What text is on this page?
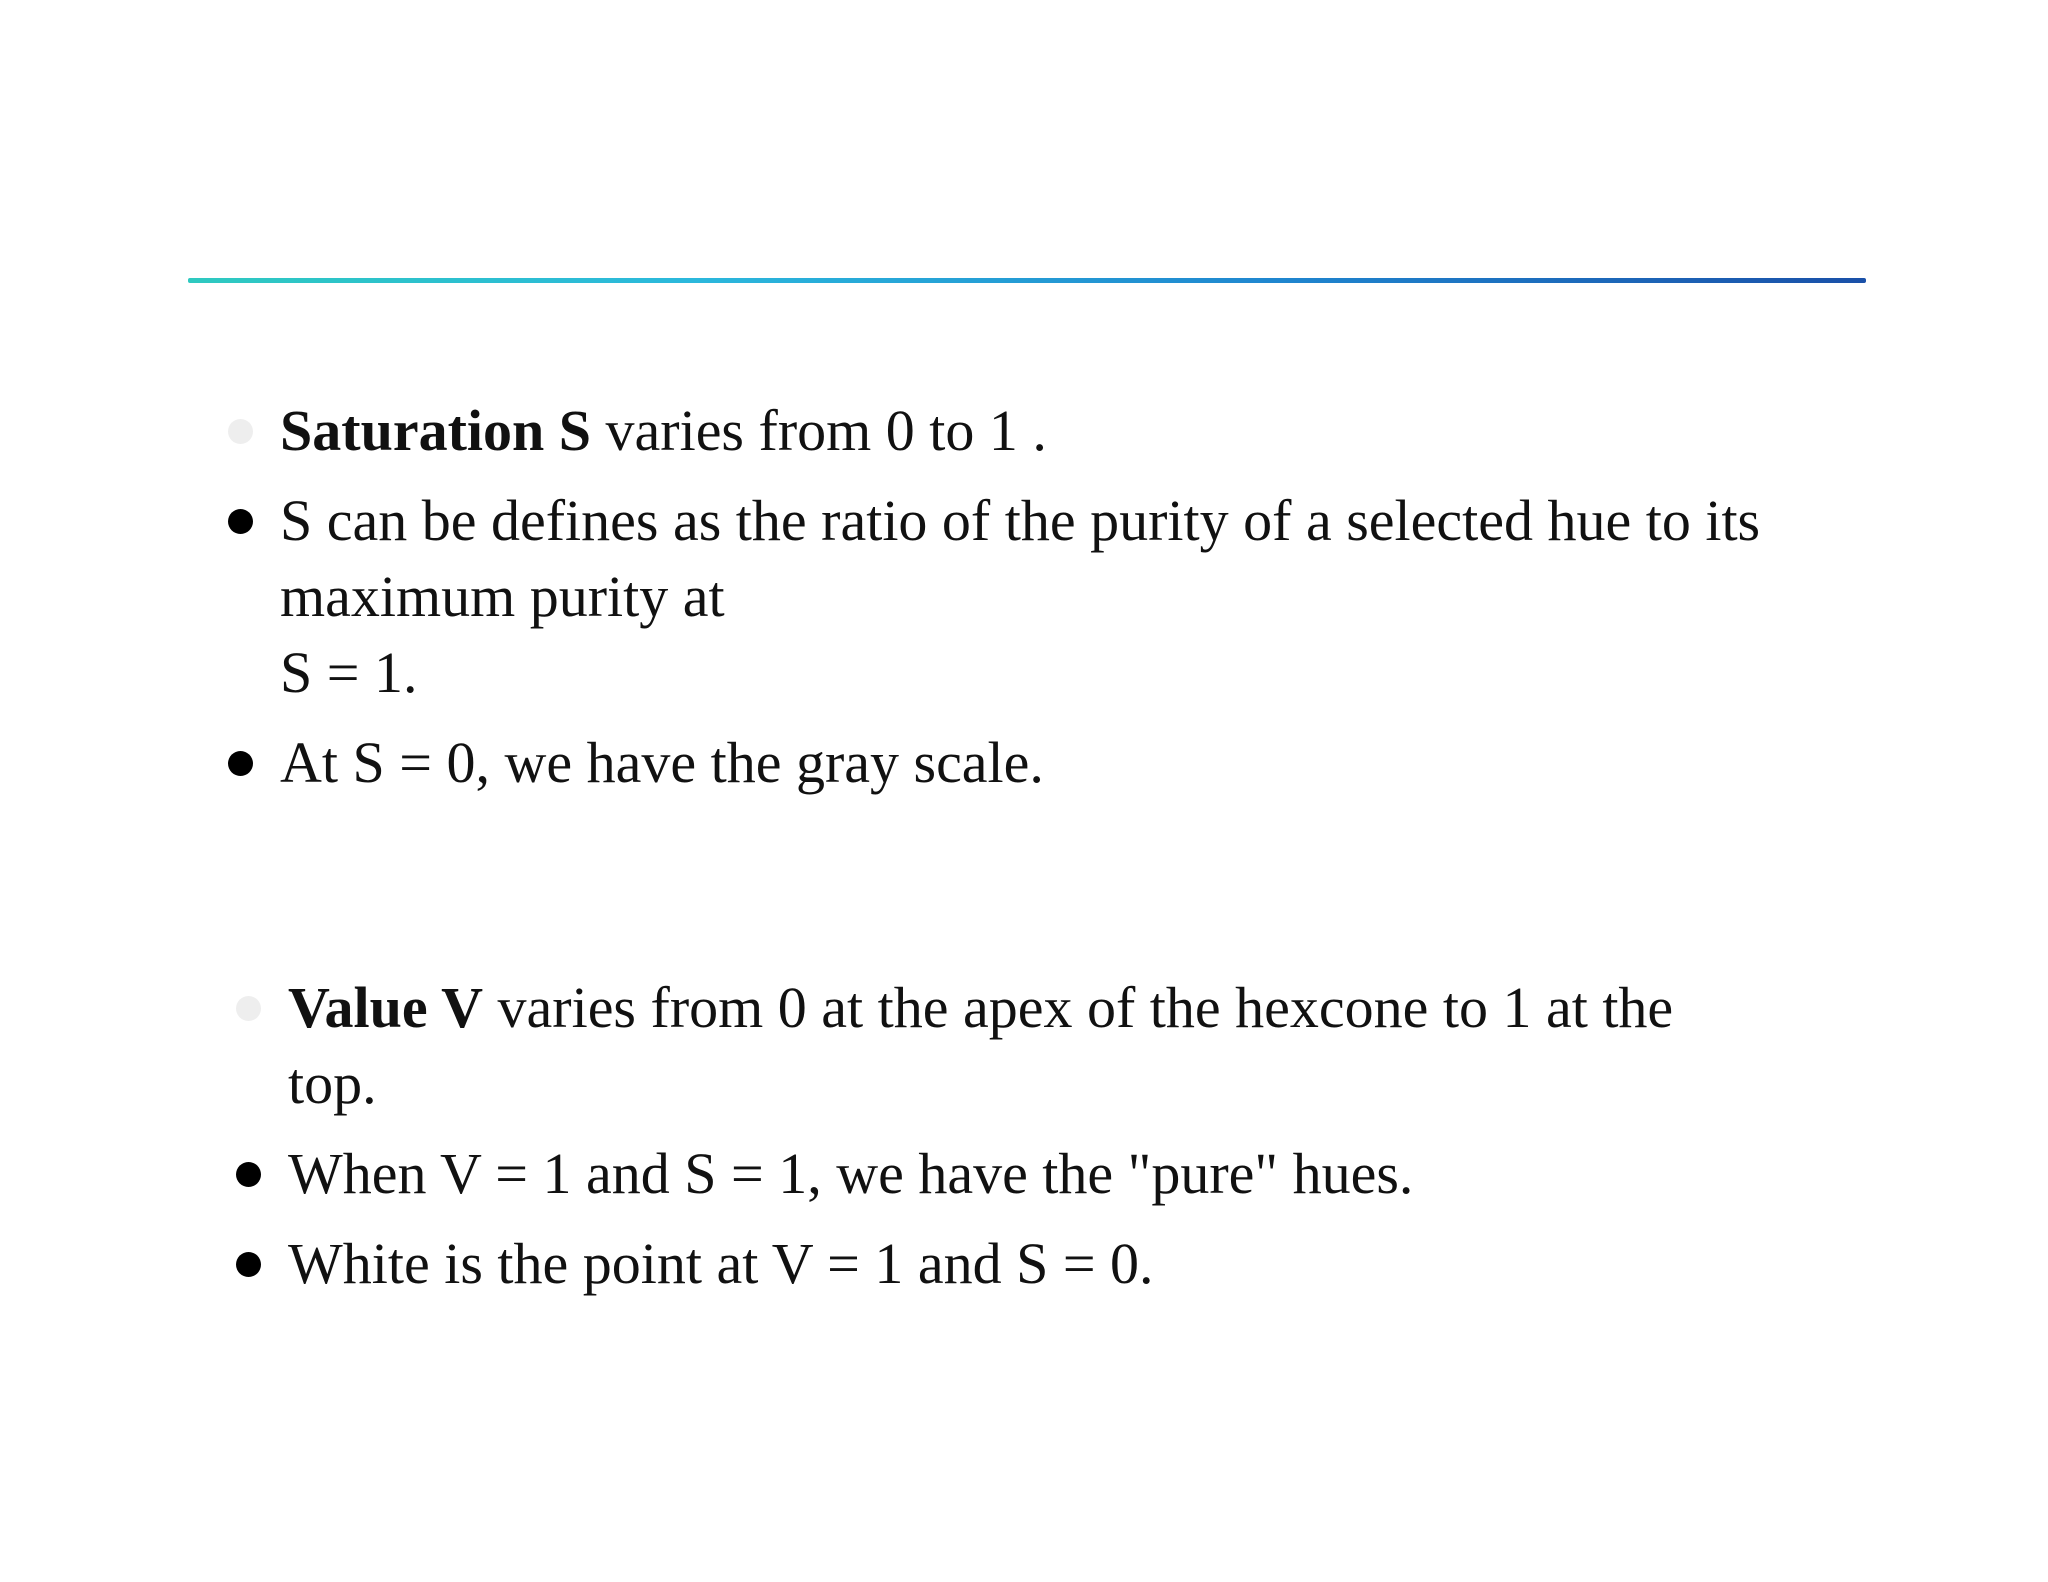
Saturation S varies from 0 to 1 .
S can be defines as the ratio of the purity of a selected hue to its
maximum purity at
S = 1.
At S = 0, we have the gray scale.
Value V varies from 0 at the apex of the hexcone to 1 at the
top.
When V = 1 and S = 1, we have the "pure" hues.
White is the point at V = 1 and S = 0.
